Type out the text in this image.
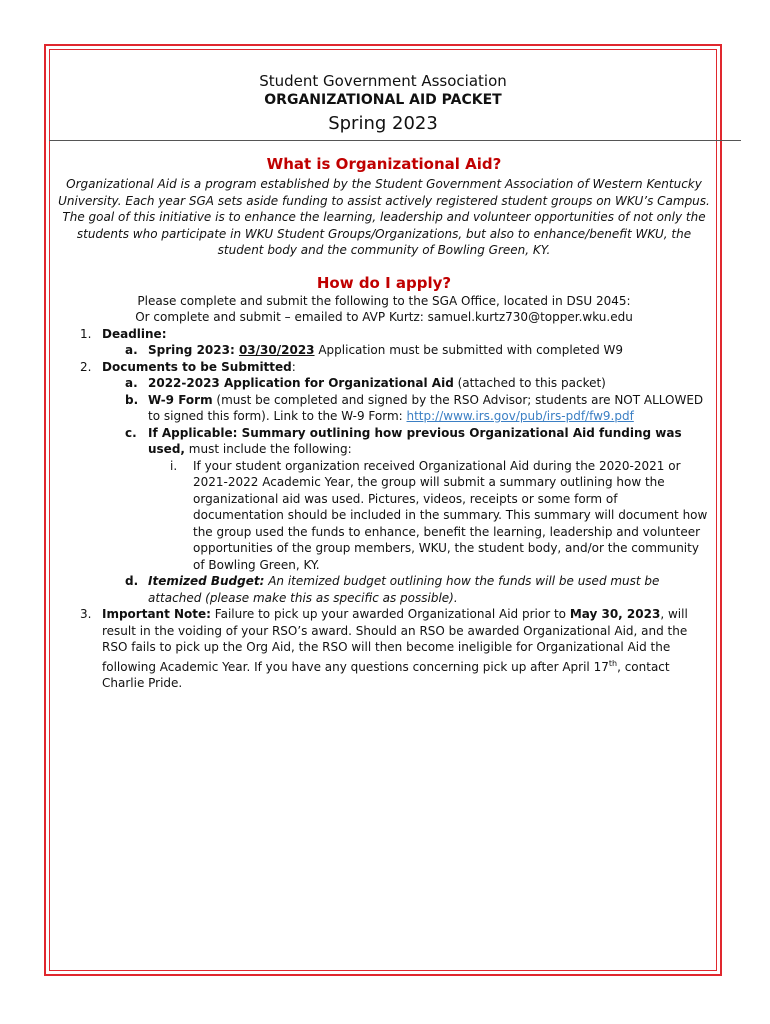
Student Government Association
ORGANIZATIONAL AID PACKET
Spring 2023
What is Organizational Aid?
Organizational Aid is a program established by the Student Government Association of Western Kentucky University. Each year SGA sets aside funding to assist actively registered student groups on WKU’s Campus. The goal of this initiative is to enhance the learning, leadership and volunteer opportunities of not only the students who participate in WKU Student Groups/Organizations, but also to enhance/benefit WKU, the student body and the community of Bowling Green, KY.
How do I apply?
Please complete and submit the following to the SGA Office, located in DSU 2045:
Or complete and submit – emailed to AVP Kurtz: samuel.kurtz730@topper.wku.edu
1. Deadline:
a. Spring 2023: 03/30/2023 Application must be submitted with completed W9
2. Documents to be Submitted:
a. 2022-2023 Application for Organizational Aid (attached to this packet)
b. W-9 Form (must be completed and signed by the RSO Advisor; students are NOT ALLOWED to signed this form). Link to the W-9 Form: http://www.irs.gov/pub/irs-pdf/fw9.pdf
c. If Applicable: Summary outlining how previous Organizational Aid funding was used, must include the following:
i. If your student organization received Organizational Aid during the 2020-2021 or 2021-2022 Academic Year, the group will submit a summary outlining how the organizational aid was used. Pictures, videos, receipts or some form of documentation should be included in the summary. This summary will document how the group used the funds to enhance, benefit the learning, leadership and volunteer opportunities of the group members, WKU, the student body, and/or the community of Bowling Green, KY.
d. Itemized Budget: An itemized budget outlining how the funds will be used must be attached (please make this as specific as possible).
3. Important Note: Failure to pick up your awarded Organizational Aid prior to May 30, 2023, will result in the voiding of your RSO’s award. Should an RSO be awarded Organizational Aid, and the RSO fails to pick up the Org Aid, the RSO will then become ineligible for Organizational Aid the following Academic Year. If you have any questions concerning pick up after April 17th, contact Charlie Pride.
